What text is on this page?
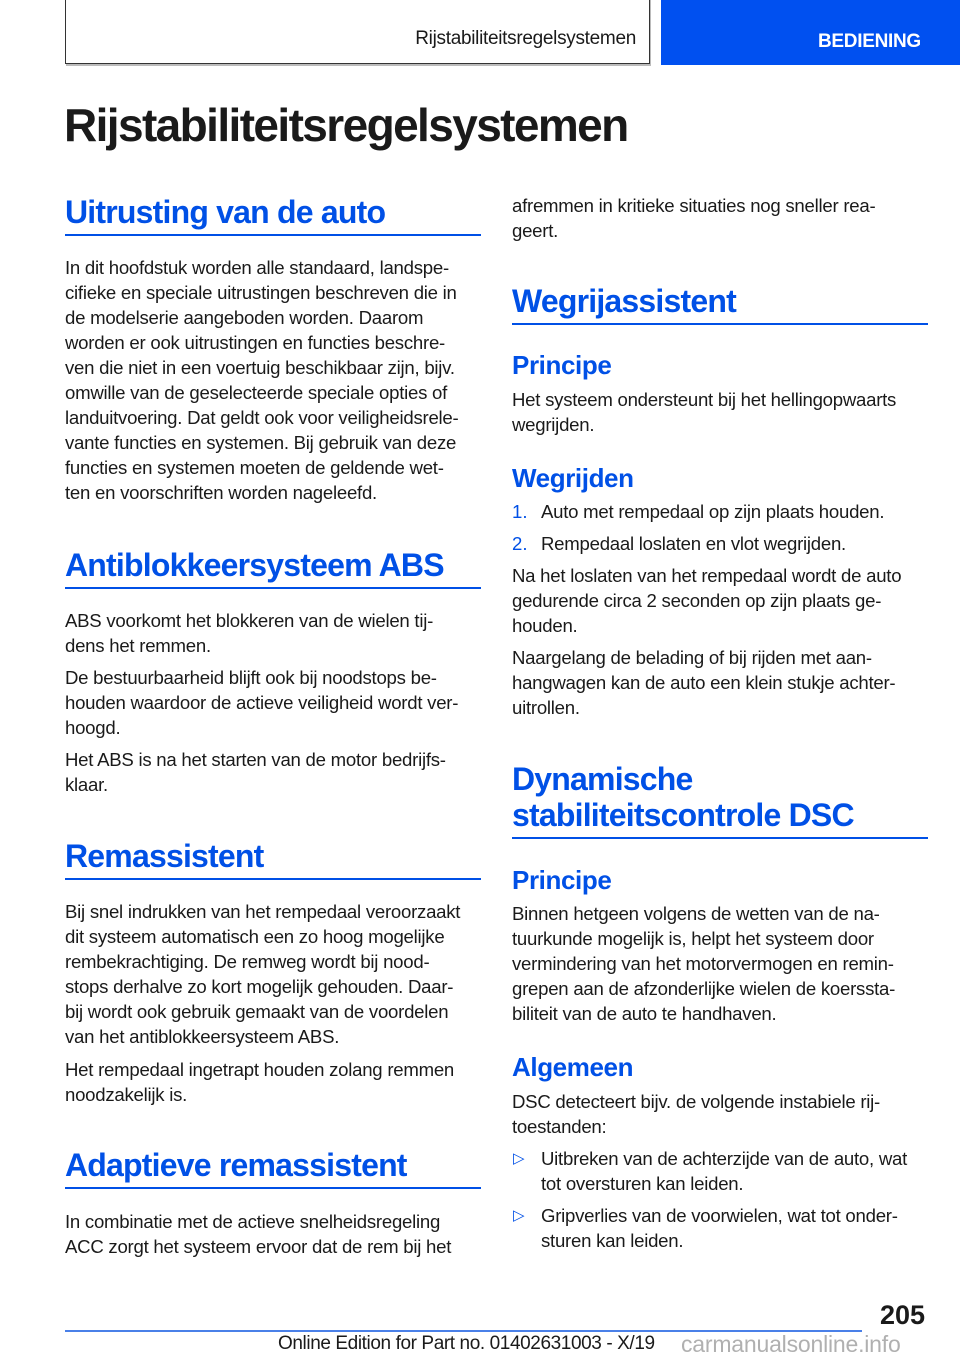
Rijstabiliteitsregelsystemen	BEDIENING
Rijstabiliteitsregelsystemen
Uitrusting van de auto
In dit hoofdstuk worden alle standaard, landspe-
cifieke en speciale uitrustingen beschreven die in
de modelserie aangeboden worden. Daarom
worden er ook uitrustingen en functies beschre-
ven die niet in een voertuig beschikbaar zijn, bijv.
omwille van de geselecteerde speciale opties of
landuitvoering. Dat geldt ook voor veiligheidsrele-
vante functies en systemen. Bij gebruik van deze
functies en systemen moeten de geldende wet-
ten en voorschriften worden nageleefd.
Antiblokkeersysteem ABS
ABS voorkomt het blokkeren van de wielen tij-
dens het remmen.
De bestuurbaarheid blijft ook bij noodstops be-
houden waardoor de actieve veiligheid wordt ver-
hoogd.
Het ABS is na het starten van de motor bedrijfs-
klaar.
Remassistent
Bij snel indrukken van het rempedaal veroorzaakt
dit systeem automatisch een zo hoog mogelijke
rembekrachtiging. De remweg wordt bij nood-
stops derhalve zo kort mogelijk gehouden. Daar-
bij wordt ook gebruik gemaakt van de voordelen
van het antiblokkeersysteem ABS.
Het rempedaal ingetrapt houden zolang remmen
noodzakelijk is.
Adaptieve remassistent
In combinatie met de actieve snelheidsregeling
ACC zorgt het systeem ervoor dat de rem bij het
afremmen in kritieke situaties nog sneller rea-
geert.
Wegrijassistent
Principe
Het systeem ondersteunt bij het hellingopwaarts
wegrijden.
Wegrijden
1. Auto met rempedaal op zijn plaats houden.
2. Rempedaal loslaten en vlot wegrijden.
Na het loslaten van het rempedaal wordt de auto
gedurende circa 2 seconden op zijn plaats ge-
houden.
Naargelang de belading of bij rijden met aan-
hangwagen kan de auto een klein stukje achter-
uitrollen.
Dynamische
stabiliteitscontrole DSC
Principe
Binnen hetgeen volgens de wetten van de na-
tuurkunde mogelijk is, helpt het systeem door
vermindering van het motorvermogen en remin-
grepen aan de afzonderlijke wielen de koerssta-
biliteit van de auto te handhaven.
Algemeen
DSC detecteert bijv. de volgende instabiele rij-
toestanden:
▷ Uitbreken van de achterzijde van de auto, wat
tot oversturen kan leiden.
▷ Gripverlies van de voorwielen, wat tot onder-
sturen kan leiden.
205
Online Edition for Part no. 01402631003 - X/19 carmanualsonline.info
